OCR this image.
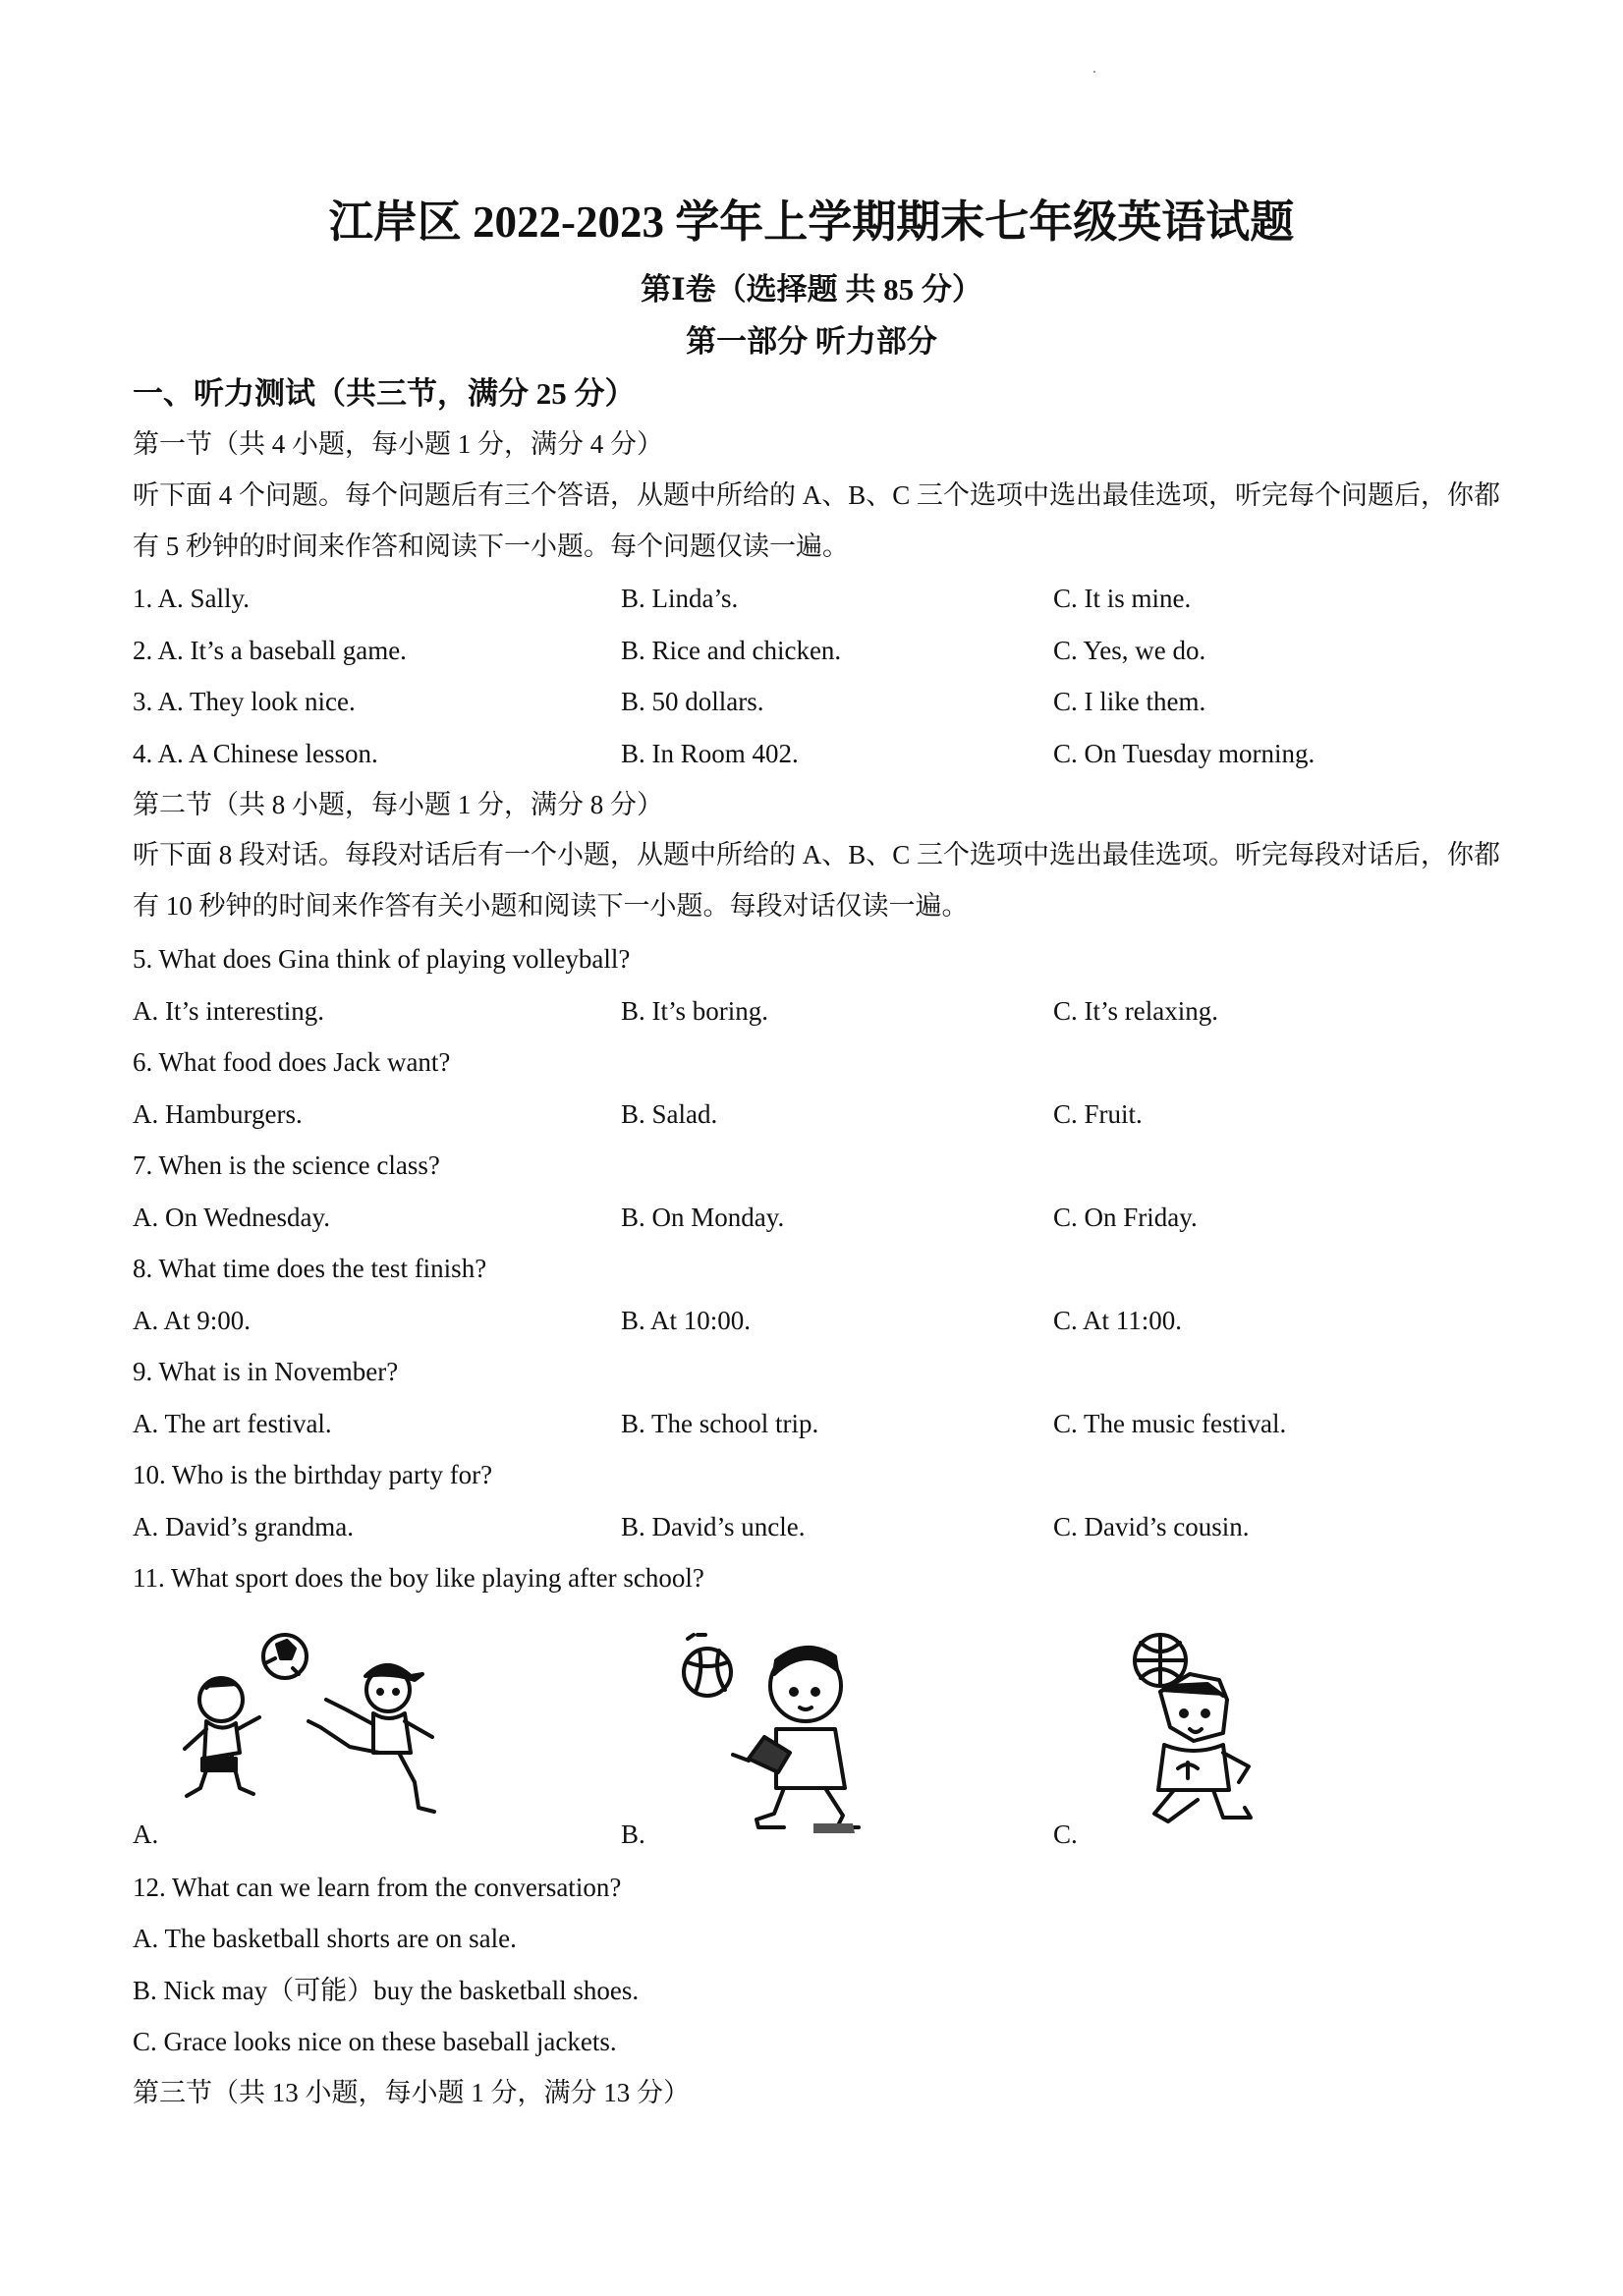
江岸区 2022-2023 学年上学期期末七年级英语试题
第Ⅰ卷（选择题 共 85 分）
第一部分 听力部分
一、听力测试（共三节，满分 25 分）
第一节（共 4 小题，每小题 1 分，满分 4 分）
听下面 4 个问题。每个问题后有三个答语，从题中所给的 A、B、C 三个选项中选出最佳选项，听完每个问题后，你都有 5 秒钟的时间来作答和阅读下一小题。每个问题仅读一遍。
1. A. Sally.	B. Linda’s.	C. It is mine.
2. A. It’s a baseball game.	B. Rice and chicken.	C. Yes, we do.
3. A. They look nice.	B. 50 dollars.	C. I like them.
4. A. A Chinese lesson.	B. In Room 402.	C. On Tuesday morning.
第二节（共 8 小题，每小题 1 分，满分 8 分）
听下面 8 段对话。每段对话后有一个小题，从题中所给的 A、B、C 三个选项中选出最佳选项。听完每段对话后，你都有 10 秒钟的时间来作答有关小题和阅读下一小题。每段对话仅读一遍。
5. What does Gina think of playing volleyball?
A. It’s interesting.	B. It’s boring.	C. It’s relaxing.
6. What food does Jack want?
A. Hamburgers.	B. Salad.	C. Fruit.
7. When is the science class?
A. On Wednesday.	B. On Monday.	C. On Friday.
8. What time does the test finish?
A. At 9:00.	B. At 10:00.	C. At 11:00.
9. What is in November?
A. The art festival.	B. The school trip.	C. The music festival.
10. Who is the birthday party for?
A. David’s grandma.	B. David’s uncle.	C. David’s cousin.
11. What sport does the boy like playing after school?
A.	B.	C.
12. What can we learn from the conversation?
A. The basketball shorts are on sale.
B. Nick may（可能）buy the basketball shoes.
C. Grace looks nice on these baseball jackets.
第三节（共 13 小题，每小题 1 分，满分 13 分）
